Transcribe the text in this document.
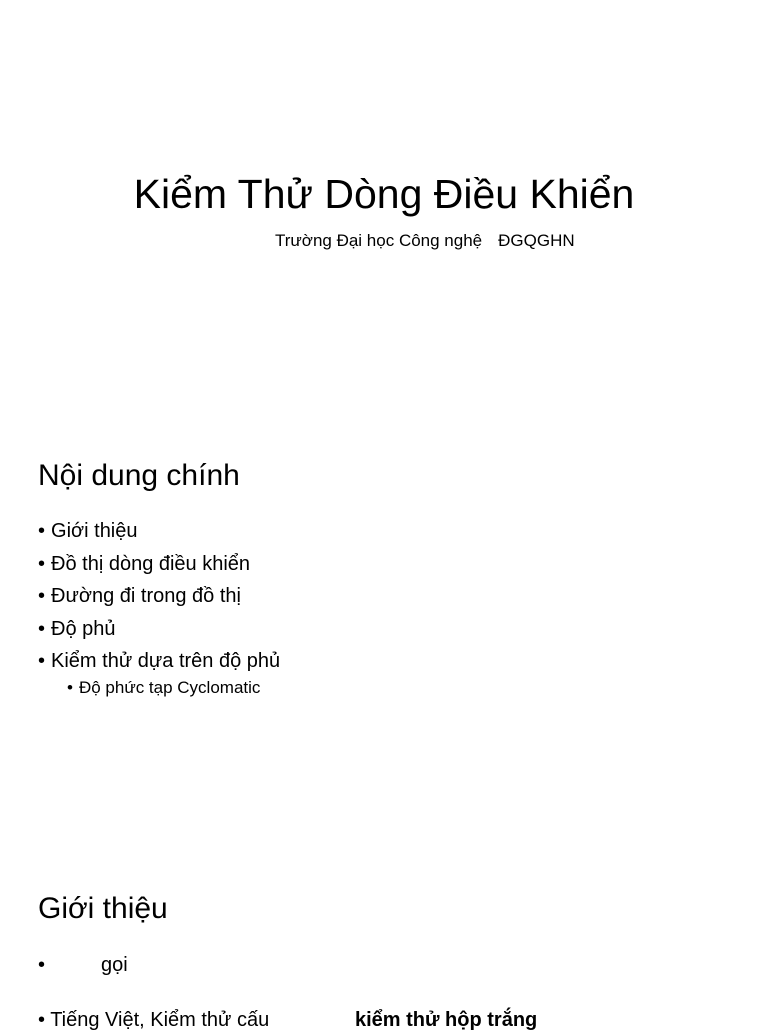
Kiểm Thử Dòng Điều Khiển
Trường Đại học Công nghệ ĐGQGHN
Nội dung chính
• Giới thiệu
• Đồ thị dòng điều khiển
• Đường đi trong đồ thị
• Độ phủ
• Kiểm thử dựa trên độ phủ
• Độ phức tạp Cyclomatic
Giới thiệu
•	gọi
• Tiếng Việt, Kiểm thử cấu	kiểm thử hộp trắng
